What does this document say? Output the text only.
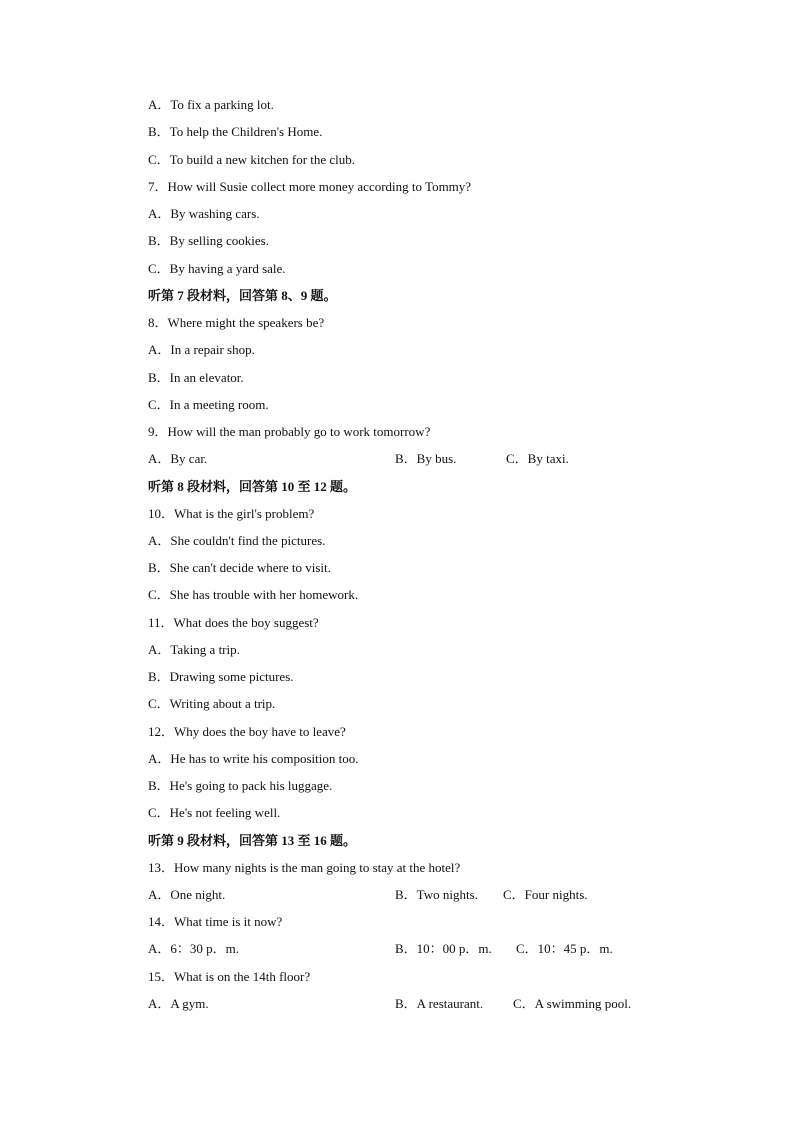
A．To fix a parking lot.
B．To help the Children's Home.
C．To build a new kitchen for the club.
7．How will Susie collect more money according to Tommy?
A．By washing cars.
B．By selling cookies.
C．By having a yard sale.
听第 7 段材料，回答第 8、9 题。
8．Where might the speakers be?
A．In a repair shop.
B．In an elevator.
C．In a meeting room.
9．How will the man probably go to work tomorrow?
A．By car.	B．By bus.	C．By taxi.
听第 8 段材料，回答第 10 至 12 题。
10．What is the girl's problem?
A．She couldn't find the pictures.
B．She can't decide where to visit.
C．She has trouble with her homework.
11．What does the boy suggest?
A．Taking a trip.
B．Drawing some pictures.
C．Writing about a trip.
12．Why does the boy have to leave?
A．He has to write his composition too.
B．He's going to pack his luggage.
C．He's not feeling well.
听第 9 段材料，回答第 13 至 16 题。
13．How many nights is the man going to stay at the hotel?
A．One night.	B．Two nights. C．Four nights.
14．What time is it now?
A．6：30 p．m.	B．10：00 p．m. C．10：45 p．m.
15．What is on the 14th floor?
A．A gym.	B．A restaurant. C．A swimming pool.
